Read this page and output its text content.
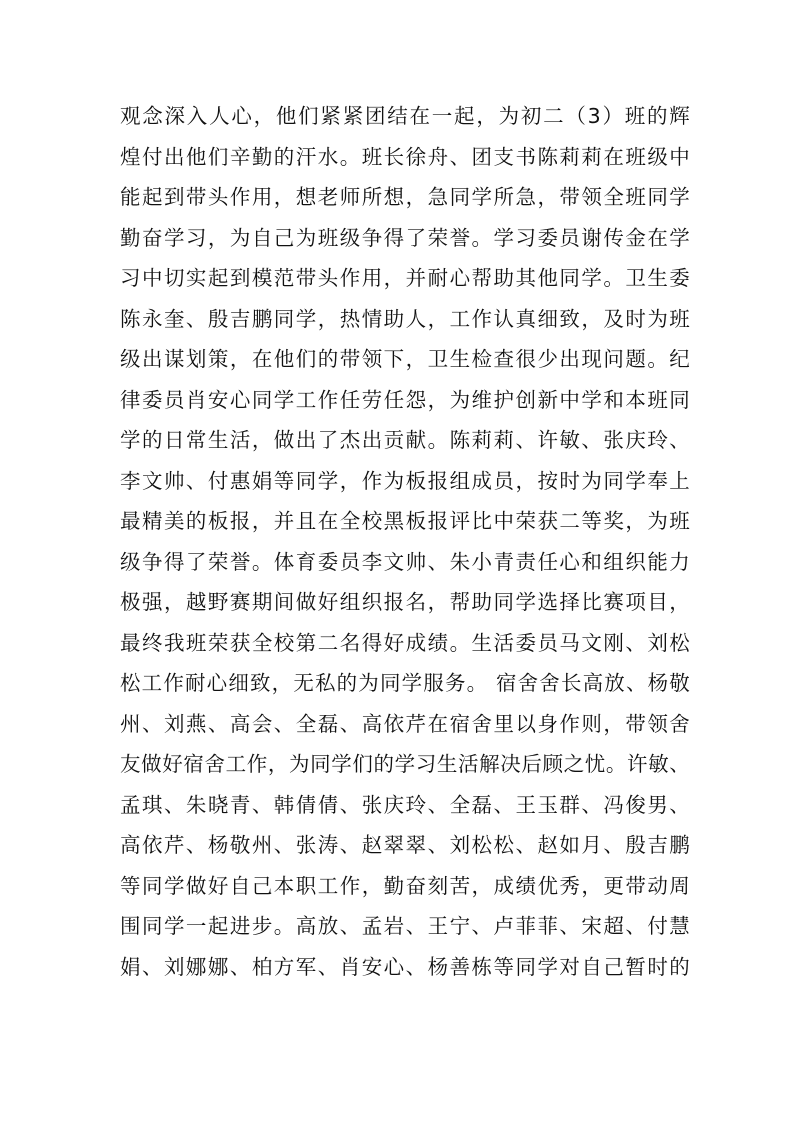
观念深入人心，他们紧紧团结在一起，为初二（3）班的辉
煌付出他们辛勤的汗水。班长徐舟、团支书陈莉莉在班级中
能起到带头作用，想老师所想，急同学所急，带领全班同学
勤奋学习，为自己为班级争得了荣誉。学习委员谢传金在学
习中切实起到模范带头作用，并耐心帮助其他同学。卫生委
陈永奎、殷吉鹏同学，热情助人，工作认真细致，及时为班
级出谋划策，在他们的带领下，卫生检查很少出现问题。纪
律委员肖安心同学工作任劳任怨，为维护创新中学和本班同
学的日常生活，做出了杰出贡献。陈莉莉、许敏、张庆玲、
李文帅、付惠娟等同学，作为板报组成员，按时为同学奉上
最精美的板报，并且在全校黑板报评比中荣获二等奖，为班
级争得了荣誉。体育委员李文帅、朱小青责任心和组织能力
极强，越野赛期间做好组织报名，帮助同学选择比赛项目，
最终我班荣获全校第二名得好成绩。生活委员马文刚、刘松
松工作耐心细致，无私的为同学服务。 宿舍舍长高放、杨敬
州、刘燕、高会、全磊、高依芹在宿舍里以身作则，带领舍
友做好宿舍工作，为同学们的学习生活解决后顾之忧。许敏、
孟琪、朱晓青、韩倩倩、张庆玲、全磊、王玉群、冯俊男、
高依芹、杨敬州、张涛、赵翠翠、刘松松、赵如月、殷吉鹏
等同学做好自己本职工作，勤奋刻苦，成绩优秀，更带动周
围同学一起进步。高放、孟岩、王宁、卢菲菲、宋超、付慧
娟、刘娜娜、柏方军、肖安心、杨善栋等同学对自己暂时的
